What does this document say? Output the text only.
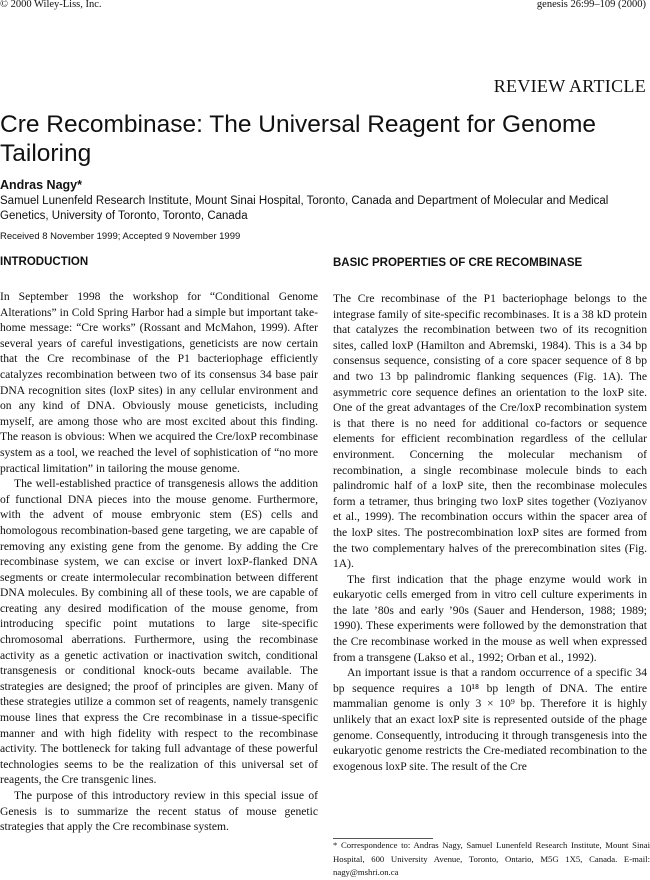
© 2000 Wiley-Liss, Inc.	genesis 26:99–109 (2000)
REVIEW ARTICLE
Cre Recombinase: The Universal Reagent for Genome Tailoring
Andras Nagy*
Samuel Lunenfeld Research Institute, Mount Sinai Hospital, Toronto, Canada and Department of Molecular and Medical Genetics, University of Toronto, Toronto, Canada
Received 8 November 1999; Accepted 9 November 1999
INTRODUCTION	BASIC PROPERTIES OF CRE RECOMBINASE

In September 1998 the workshop for “Conditional Genome Alterations” in Cold Spring Harbor had a simple but important take-home message: “Cre works” (Rossant and McMahon, 1999). After several years of careful investigations, geneticists are now certain that the Cre recombinase of the P1 bacteriophage efficiently catalyzes recombination between two of its consensus 34 base pair DNA recognition sites (loxP sites) in any cellular environment and on any kind of DNA. Obviously mouse geneticists, including myself, are among those who are most excited about this finding. The reason is obvious: When we acquired the Cre/loxP recombinase system as a tool, we reached the level of sophistication of “no more practical limitation” in tailoring the mouse genome.

The well-established practice of transgenesis allows the addition of functional DNA pieces into the mouse genome. Furthermore, with the advent of mouse embryonic stem (ES) cells and homologous recombination-based gene targeting, we are capable of removing any existing gene from the genome. By adding the Cre recombinase system, we can excise or invert loxP-flanked DNA segments or create intermolecular recombination between different DNA molecules. By combining all of these tools, we are capable of creating any desired modification of the mouse genome, from introducing specific point mutations to large site-specific chromosomal aberrations. Furthermore, using the recombinase activity as a genetic activation or inactivation switch, conditional transgenesis or conditional knock-outs became available. The strategies are designed; the proof of principles are given. Many of these strategies utilize a common set of reagents, namely transgenic mouse lines that express the Cre recombinase in a tissue-specific manner and with high fidelity with respect to the recombinase activity. The bottleneck for taking full advantage of these powerful technologies seems to be the realization of this universal set of reagents, the Cre transgenic lines.

The purpose of this introductory review in this special issue of Genesis is to summarize the recent status of mouse genetic strategies that apply the Cre recombinase system.

The Cre recombinase of the P1 bacteriophage belongs to the integrase family of site-specific recombinases. It is a 38 kD protein that catalyzes the recombination between two of its recognition sites, called loxP (Hamilton and Abremski, 1984). This is a 34 bp consensus sequence, consisting of a core spacer sequence of 8 bp and two 13 bp palindromic flanking sequences (Fig. 1A). The asymmetric core sequence defines an orientation to the loxP site. One of the great advantages of the Cre/loxP recombination system is that there is no need for additional co-factors or sequence elements for efficient recombination regardless of the cellular environment. Concerning the molecular mechanism of recombination, a single recombinase molecule binds to each palindromic half of a loxP site, then the recombinase molecules form a tetramer, thus bringing two loxP sites together (Voziyanov et al., 1999). The recombination occurs within the spacer area of the loxP sites. The postrecombination loxP sites are formed from the two complementary halves of the prerecombination sites (Fig. 1A).

The first indication that the phage enzyme would work in eukaryotic cells emerged from in vitro cell culture experiments in the late ’80s and early ’90s (Sauer and Henderson, 1988; 1989; 1990). These experiments were followed by the demonstration that the Cre recombinase worked in the mouse as well when expressed from a transgene (Lakso et al., 1992; Orban et al., 1992).

An important issue is that a random occurrence of a specific 34 bp sequence requires a 10¹⁸ bp length of DNA. The entire mammalian genome is only 3 × 10⁹ bp. Therefore it is highly unlikely that an exact loxP site is represented outside of the phage genome. Consequently, introducing it through transgenesis into the eukaryotic genome restricts the Cre-mediated recombination to the exogenous loxP site. The result of the Cre

* Correspondence to: Andras Nagy, Samuel Lunenfeld Research Institute, Mount Sinai Hospital, 600 University Avenue, Toronto, Ontario, M5G 1X5, Canada. E-mail: nagy@mshri.on.ca
